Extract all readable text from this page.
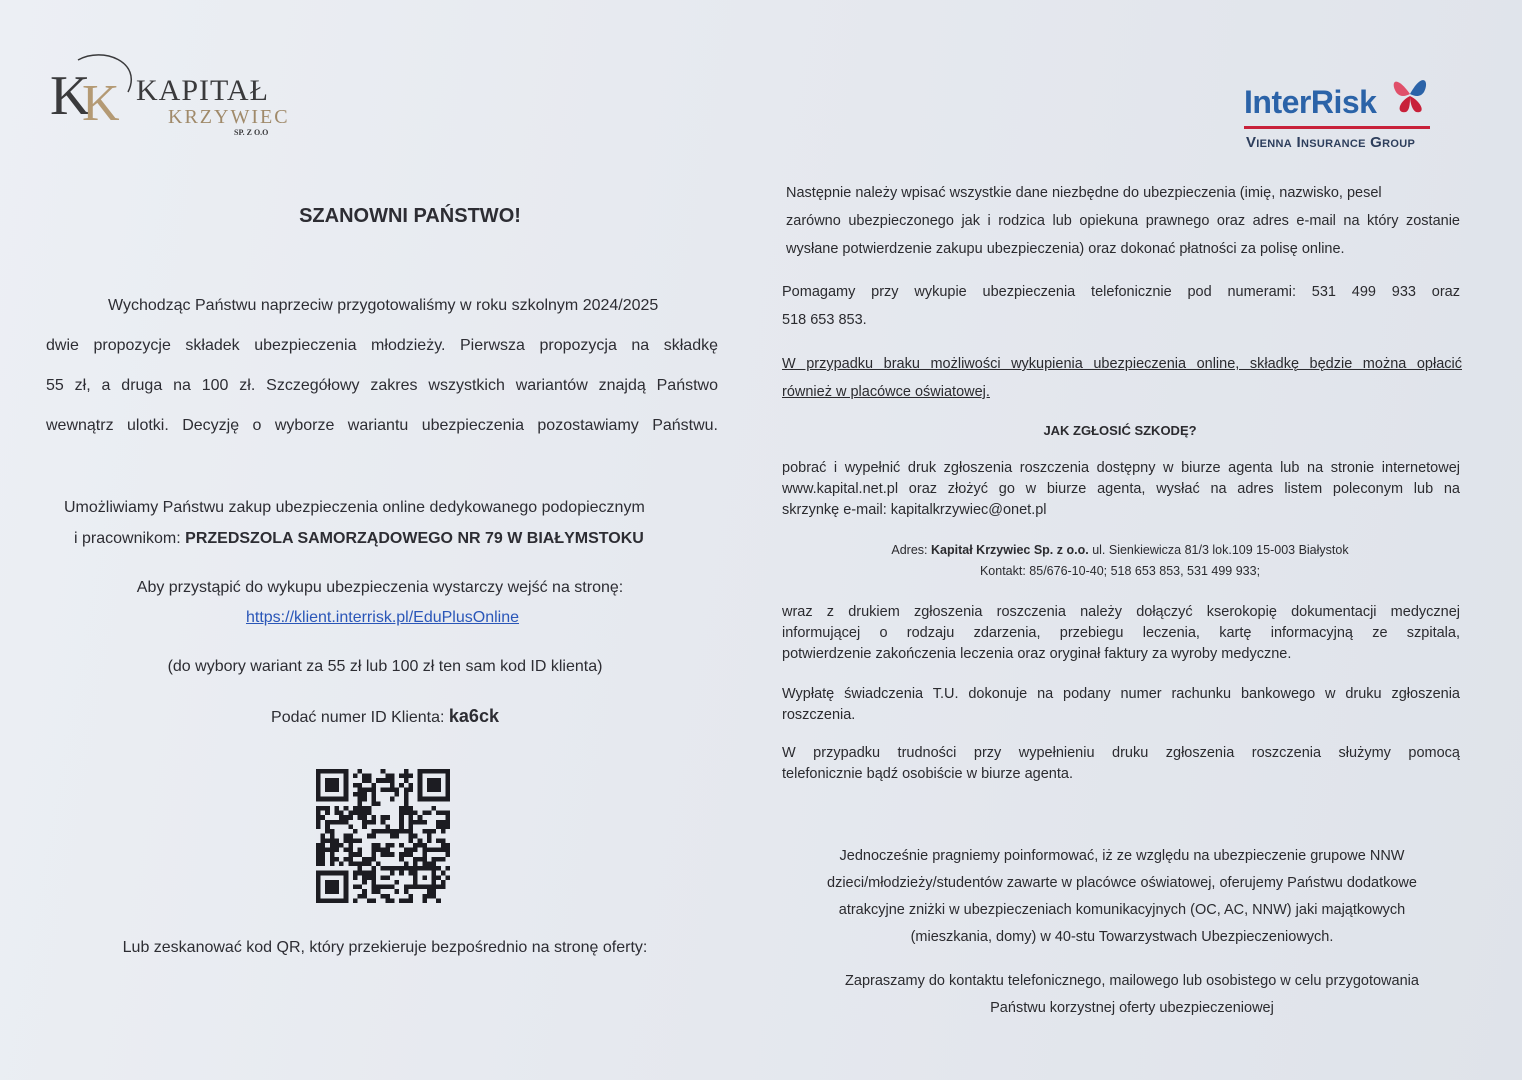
K
K KAPITAŁ
KRZYWIEC
SP. Z O.O
InterRisk
Vienna Insurance Group
SZANOWNI PAŃSTWO!
Wychodząc Państwu naprzeciw przygotowaliśmy w roku szkolnym 2024/2025
dwie propozycje składek ubezpieczenia młodzieży. Pierwsza propozycja na składkę
55 zł, a druga na 100 zł. Szczegółowy zakres wszystkich wariantów znajdą Państwo
wewnątrz ulotki. Decyzję o wyborze wariantu ubezpieczenia pozostawiamy Państwu.
Umożliwiamy Państwu zakup ubezpieczenia online dedykowanego podopiecznym
i pracownikom: PRZEDSZOLA SAMORZĄDOWEGO NR 79 W BIAŁYMSTOKU
Aby przystąpić do wykupu ubezpieczenia wystarczy wejść na stronę:
https://klient.interrisk.pl/EduPlusOnline
(do wybory wariant za 55 zł lub 100 zł ten sam kod ID klienta)
Podać numer ID Klienta: ka6ck
Lub zeskanować kod QR, który przekieruje bezpośrednio na stronę oferty:
Następnie należy wpisać wszystkie dane niezbędne do ubezpieczenia (imię, nazwisko, pesel
zarówno ubezpieczonego jak i rodzica lub opiekuna prawnego oraz adres e-mail na który zostanie
wysłane potwierdzenie zakupu ubezpieczenia) oraz dokonać płatności za polisę online.
Pomagamy przy wykupie ubezpieczenia telefonicznie pod numerami: 531 499 933 oraz
518 653 853.
W przypadku braku możliwości wykupienia ubezpieczenia online, składkę będzie można opłacić
również w placówce oświatowej.
JAK ZGŁOSIĆ SZKODĘ?
pobrać i wypełnić druk zgłoszenia roszczenia dostępny w biurze agenta lub na stronie internetowej
www.kapital.net.pl oraz złożyć go w biurze agenta, wysłać na adres listem poleconym lub na
skrzynkę e-mail: kapitalkrzywiec@onet.pl
Adres: Kapitał Krzywiec Sp. z o.o. ul. Sienkiewicza 81/3 lok.109 15-003 Białystok
Kontakt: 85/676-10-40; 518 653 853, 531 499 933;
wraz z drukiem zgłoszenia roszczenia należy dołączyć kserokopię dokumentacji medycznej
informującej o rodzaju zdarzenia, przebiegu leczenia, kartę informacyjną ze szpitala,
potwierdzenie zakończenia leczenia oraz oryginał faktury za wyroby medyczne.
Wypłatę świadczenia T.U. dokonuje na podany numer rachunku bankowego w druku zgłoszenia
roszczenia.
W przypadku trudności przy wypełnieniu druku zgłoszenia roszczenia służymy pomocą
telefonicznie bądź osobiście w biurze agenta.
Jednocześnie pragniemy poinformować, iż ze względu na ubezpieczenie grupowe NNW
dzieci/młodzieży/studentów zawarte w placówce oświatowej, oferujemy Państwu dodatkowe
atrakcyjne zniżki w ubezpieczeniach komunikacyjnych (OC, AC, NNW) jaki majątkowych
(mieszkania, domy) w 40-stu Towarzystwach Ubezpieczeniowych.
Zapraszamy do kontaktu telefonicznego, mailowego lub osobistego w celu przygotowania
Państwu korzystnej oferty ubezpieczeniowej
